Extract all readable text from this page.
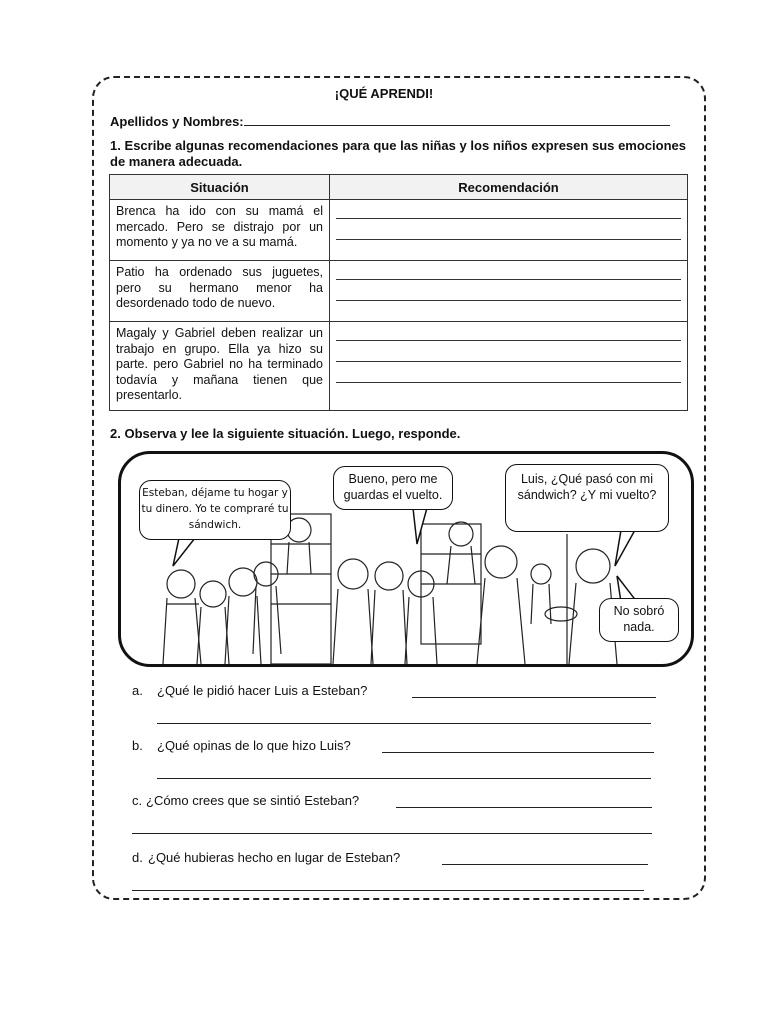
¡QUÉ APRENDI!
Apellidos y Nombres:
1. Escribe algunas recomendaciones para que las niñas y los niños expresen sus emociones de manera adecuada.
Situación	Recomendación
Brenca ha ido con su mamá el mercado. Pero se distrajo por un momento y ya no ve a su mamá.	

Patio ha ordenado sus juguetes, pero su hermano menor ha desordenado todo de nuevo.	

Magaly y Gabriel deben realizar un trabajo en grupo. Ella ya hizo su parte. pero Gabriel no ha terminado todavía y mañana tienen que presentarlo.	
2. Observa y lee la siguiente situación. Luego, responde.
Esteban, déjame tu hogar y tu dinero. Yo te compraré tu sándwich.
Bueno, pero me guardas el vuelto.
Luis, ¿Qué pasó con mi sándwich? ¿Y mi vuelto?
No sobró nada.
a. ¿Qué le pidió hacer Luis a Esteban?
b. ¿Qué opinas de lo que hizo Luis?
c. ¿Cómo crees que se sintió Esteban?
d. ¿Qué hubieras hecho en lugar de Esteban?
